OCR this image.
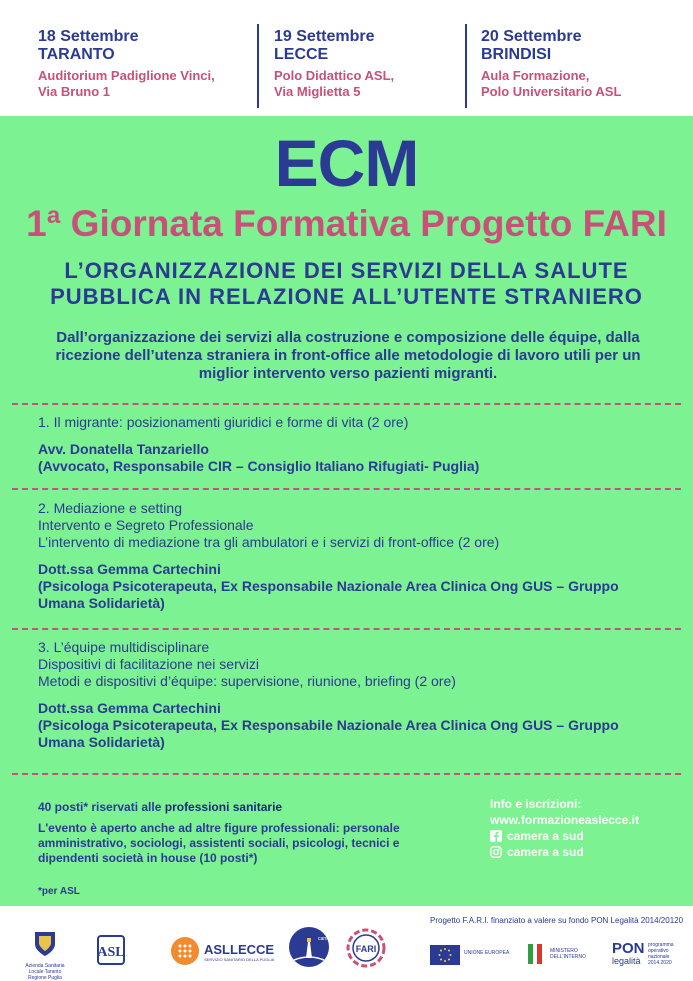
18 Settembre
TARANTO
Auditorium Padiglione Vinci,
Via Bruno 1
19 Settembre
LECCE
Polo Didattico ASL,
Via Miglietta 5
20 Settembre
BRINDISI
Aula Formazione,
Polo Universitario ASL
ECM
1ª Giornata Formativa Progetto FARI
L’ORGANIZZAZIONE DEI SERVIZI DELLA SALUTE
PUBBLICA IN RELAZIONE ALL’UTENTE STRANIERO
Dall’organizzazione dei servizi alla costruzione e composizione delle équipe, dalla ricezione dell’utenza straniera in front-office alle metodologie di lavoro utili per un miglior intervento verso pazienti migranti.
1. Il migrante: posizionamenti giuridici e forme di vita (2 ore)
Avv. Donatella Tanzariello
(Avvocato, Responsabile CIR – Consiglio Italiano Rifugiati- Puglia)
2. Mediazione e setting
Intervento e Segreto Professionale
L’intervento di mediazione tra gli ambulatori e i servizi di front-office (2 ore)
Dott.ssa Gemma Cartechini
(Psicologa Psicoterapeuta, Ex Responsabile Nazionale Area Clinica Ong GUS – Gruppo
Umana Solidarietà)
3. L’équipe multidisciplinare
Dispositivi di facilitazione nei servizi
Metodi e dispositivi d’équipe: supervisione, riunione, briefing (2 ore)
Dott.ssa Gemma Cartechini
(Psicologa Psicoterapeuta, Ex Responsabile Nazionale Area Clinica Ong GUS – Gruppo
Umana Solidarietà)
40 posti* riservati alle professioni sanitarie
L'evento è aperto anche ad altre figure professionali: personale amministrativo, sociologi, assistenti sociali, psicologi, tecnici e dipendenti società in house (10 posti*)
*per ASL
Info e iscrizioni:
www.formazioneaslecce.it
camera a sud
camera a sud
Azienda Sanitaria Locale Taranto
Regione Puglia
ASL	ASLLECCE
SERVIZIO SANITARIO DELLA PUGLIA
camera
FARI
Progetto F.A.R.I. finanziato a valere su fondo PON Legalità 2014/20120
UNIONE EUROPEA	MINISTERO
DELL'INTERNO PON
legalità
programma operativo nazionale 2014.2020
